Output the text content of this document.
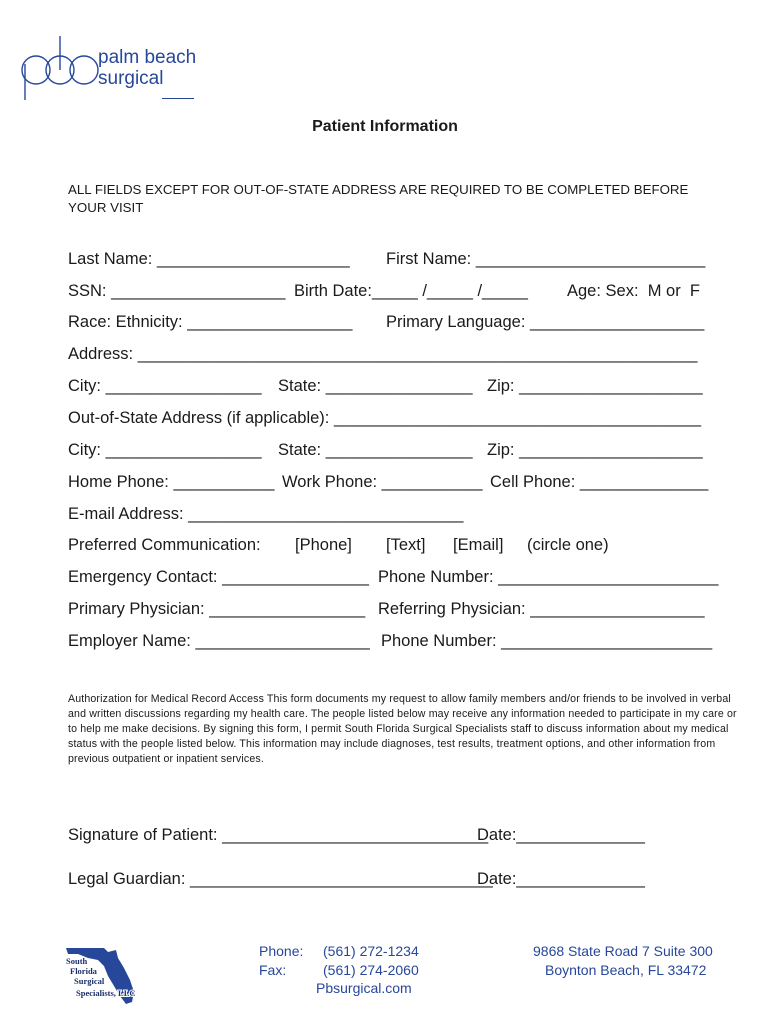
palm beach
surgical
Patient Information
ALL FIELDS EXCEPT FOR OUT-OF-STATE ADDRESS ARE REQUIRED TO BE COMPLETED BEFORE YOUR VISIT
Last Name: _____________________ First Name: _________________________
SSN: ___________________ Birth Date:_____ /_____ /_____ Age: Sex:  M or  F
Race: Ethnicity: __________________ Primary Language: ___________________
Address: _____________________________________________________________
City: _________________ State: ________________ Zip: ____________________
Out-of-State Address (if applicable): ________________________________________
City: _________________ State: ________________ Zip: ____________________
Home Phone: ___________ Work Phone: ___________ Cell Phone: ______________
E-mail Address: ______________________________
Preferred Communication: [Phone] [Text] [Email] (circle one)
Emergency Contact: ________________ Phone Number: ________________________
Primary Physician: _________________ Referring Physician: ___________________
Employer Name: ___________________ Phone Number: _______________________
Authorization for Medical Record Access This form documents my request to allow family members and/or friends to be involved in verbal and written discussions regarding my health care. The people listed below may receive any information needed to participate in my care or to help me make decisions. By signing this form, I permit South Florida Surgical Specialists staff to discuss information about my medical status with the people listed below. This information may include diagnoses, test results, treatment options, and other information from previous outpatient or inpatient services.
Signature of Patient: _____________________________
Date:______________
Legal Guardian: _________________________________
Date:______________
South
Florida
Surgical
Specialists, LLC
Phone: (561) 272-1234
Fax:	(561) 274-2060
Pbsurgical.com
9868 State Road 7 Suite 300
Boynton Beach, FL 33472
